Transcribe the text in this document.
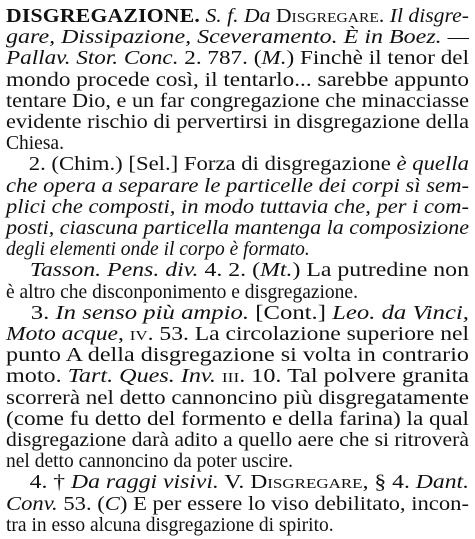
DISGREGAZIONE. S. f. Da Disgregare. Il disgre-
gare, Dissipazione, Sceveramento. È in Boez. —
Pallav. Stor. Conc. 2. 787. (M.) Finchè il tenor del
mondo procede così, il tentarlo... sarebbe appunto
tentare Dio, e un far congregazione che minacciasse
evidente rischio di pervertirsi in disgregazione della
Chiesa.
2. (Chim.) [Sel.] Forza di disgregazione è quella
che opera a separare le particelle dei corpi sì sem-
plici che composti, in modo tuttavia che, per i com-
posti, ciascuna particella mantenga la composizione
degli elementi onde il corpo è formato.
Tasson. Pens. div. 4. 2. (Mt.) La putredine non
è altro che disconponimento e disgregazione.
3. In senso più ampio. [Cont.] Leo. da Vinci,
Moto acque, iv. 53. La circolazione superiore nel
punto A della disgregazione si volta in contrario
moto. Tart. Ques. Inv. iii. 10. Tal polvere granita
scorrerà nel detto cannoncino più disgregatamente
(come fu detto del formento e della farina) la qual
disgregazione darà adito a quello aere che si ritroverà
nel detto cannoncino da poter uscire.
4. † Da raggi visivi. V. Disgregare, § 4. Dant.
Conv. 53. (C) E per essere lo viso debilitato, incon-
tra in esso alcuna disgregazione di spirito.
